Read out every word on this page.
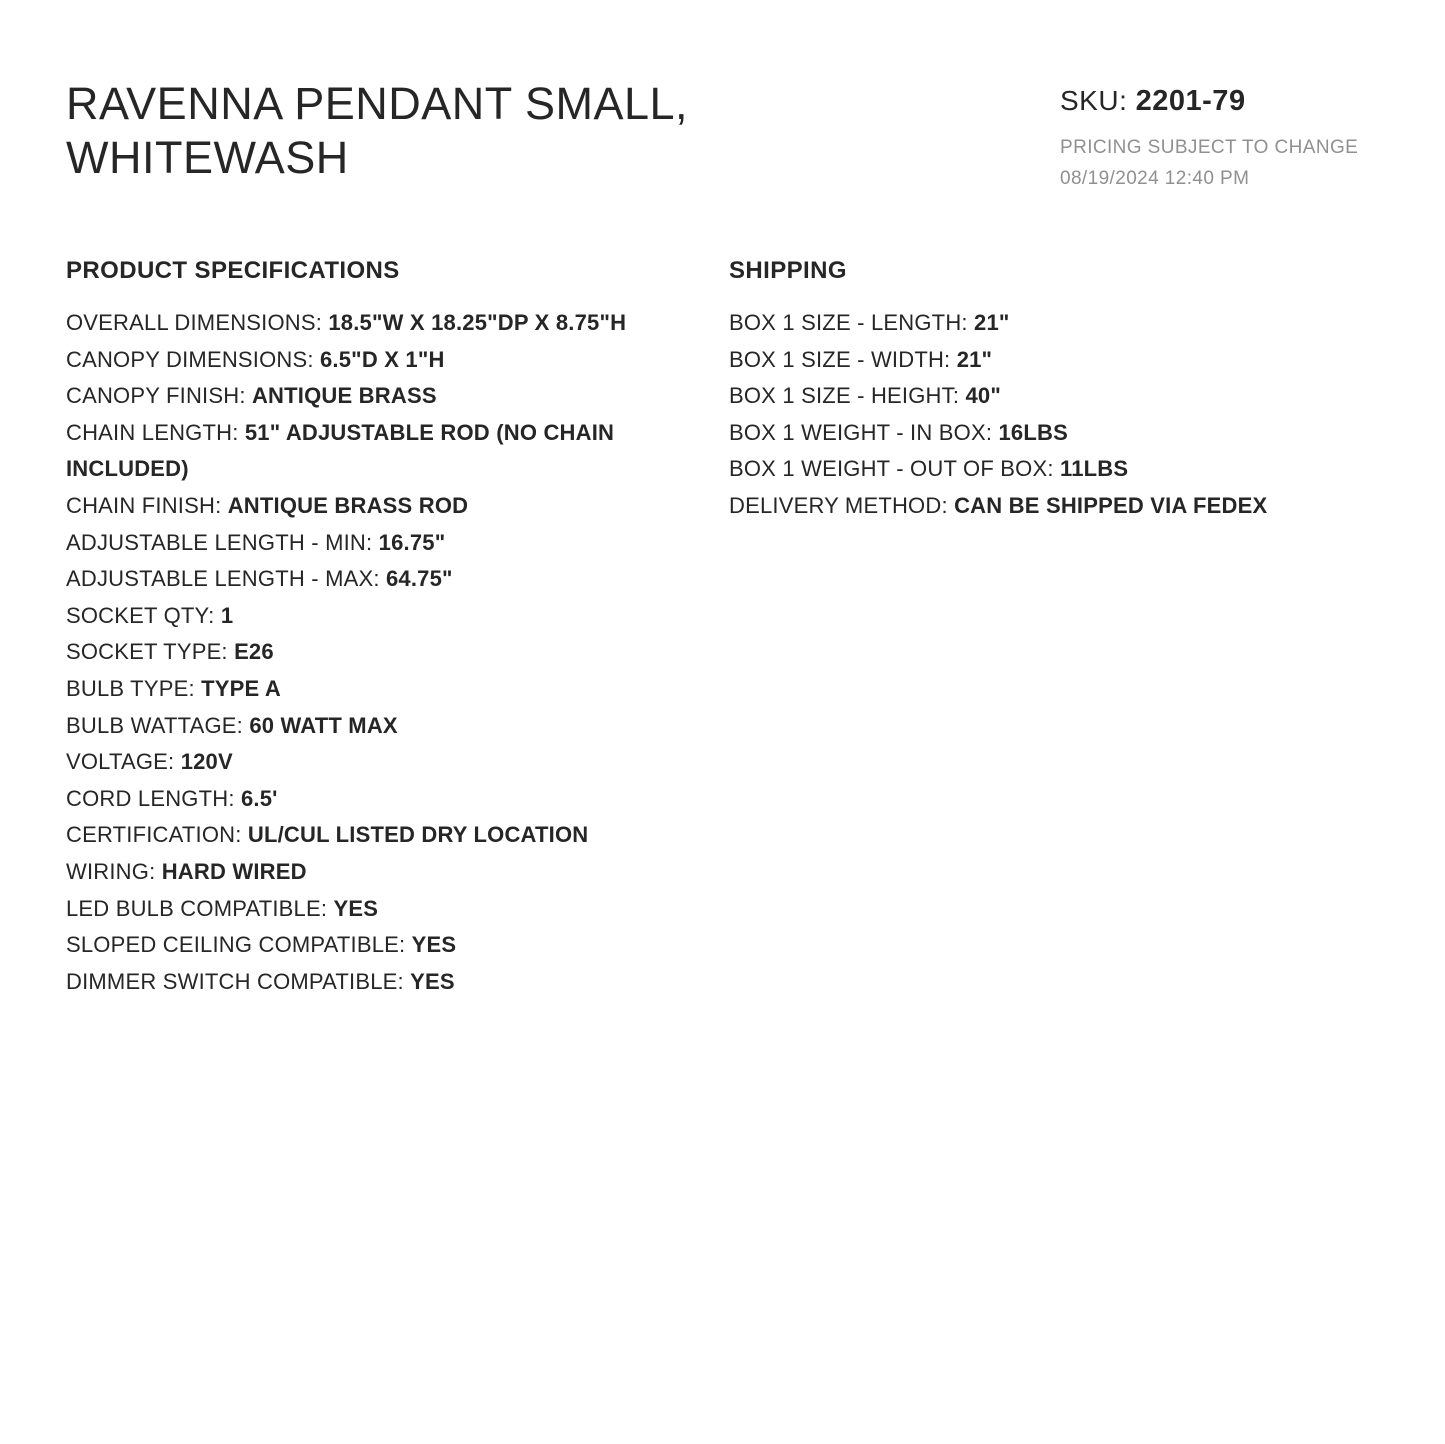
RAVENNA PENDANT SMALL, WHITEWASH
SKU: 2201-79
PRICING SUBJECT TO CHANGE
08/19/2024 12:40 PM
PRODUCT SPECIFICATIONS

OVERALL DIMENSIONS: 18.5"W X 18.25"DP X 8.75"H

CANOPY DIMENSIONS: 6.5"D X 1"H

CANOPY FINISH: ANTIQUE BRASS

CHAIN LENGTH: 51" ADJUSTABLE ROD (NO CHAIN INCLUDED)

CHAIN FINISH: ANTIQUE BRASS ROD

ADJUSTABLE LENGTH - MIN: 16.75"

ADJUSTABLE LENGTH - MAX: 64.75"

SOCKET QTY: 1

SOCKET TYPE: E26

BULB TYPE: TYPE A

BULB WATTAGE: 60 WATT MAX

VOLTAGE: 120V

CORD LENGTH: 6.5'

CERTIFICATION: UL/CUL LISTED DRY LOCATION

WIRING: HARD WIRED

LED BULB COMPATIBLE: YES

SLOPED CEILING COMPATIBLE: YES

DIMMER SWITCH COMPATIBLE: YES

SHIPPING

BOX 1 SIZE - LENGTH: 21"

BOX 1 SIZE - WIDTH: 21"

BOX 1 SIZE - HEIGHT: 40"

BOX 1 WEIGHT - IN BOX: 16LBS

BOX 1 WEIGHT - OUT OF BOX: 11LBS

DELIVERY METHOD: CAN BE SHIPPED VIA FEDEX
